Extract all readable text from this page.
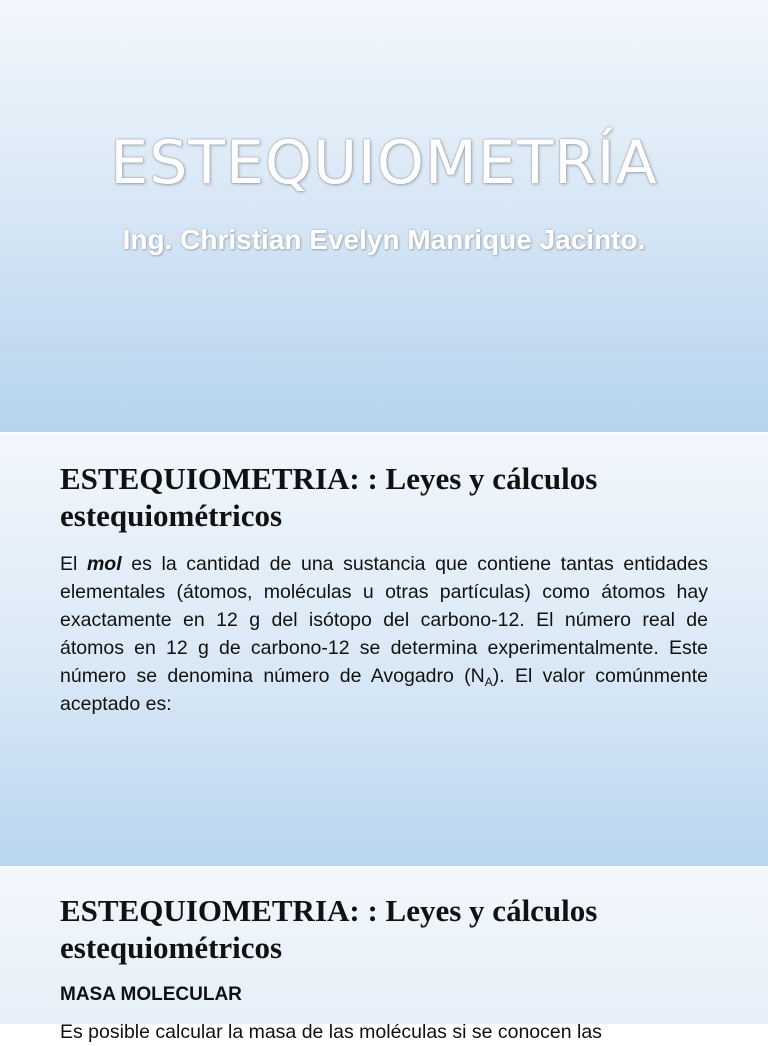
ESTEQUIOMETRÍA

Ing. Christian Evelyn Manrique Jacinto.

ESTEQUIOMETRIA: : Leyes y cálculos estequiométricos

El mol es la cantidad de una sustancia que contiene tantas entidades elementales (átomos, moléculas u otras partículas) como átomos hay exactamente en 12 g del isótopo del carbono-12. El número real de átomos en 12 g de carbono-12 se determina experimentalmente. Este número se denomina número de Avogadro $(N_A)$. El valor comúnmente aceptado es:

ESTEQUIOMETRIA: : Leyes y cálculos estequiométricos

MASA MOLECULAR

Es posible calcular la masa de las moléculas si se conocen las
